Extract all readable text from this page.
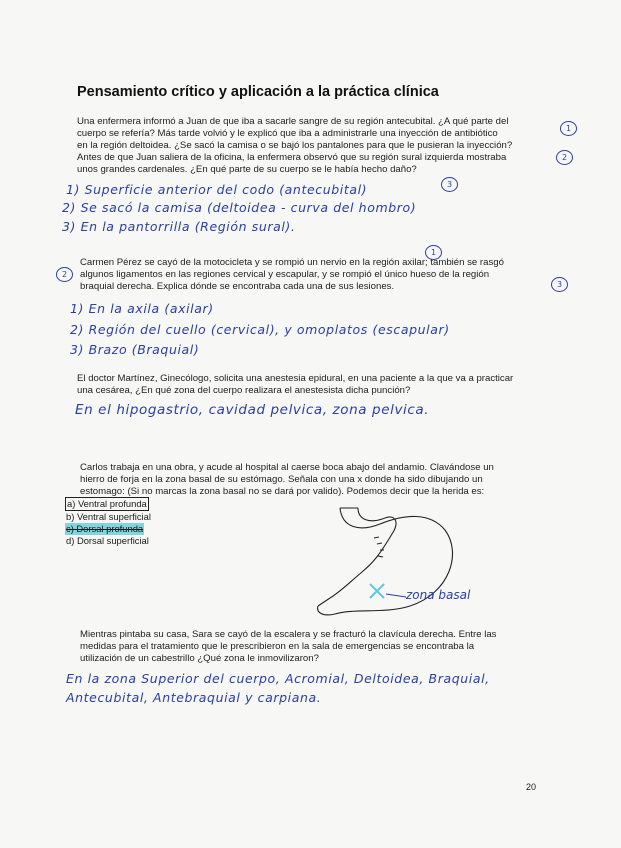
Pensamiento crítico y aplicación a la práctica clínica
Una enfermera informó a Juan de que iba a sacarle sangre de su región antecubital. ¿A qué parte del
cuerpo se refería? Más tarde volvió y le explicó que iba a administrarle una inyección de antibiótico
en la región deltoidea. ¿Se sacó la camisa o se bajó los pantalones para que le pusieran la inyección?
Antes de que Juan saliera de la oficina, la enfermera observó que su región sural izquierda mostraba
unos grandes cardenales. ¿En qué parte de su cuerpo se le había hecho daño?
1
2
3
1) Superficie anterior del codo (antecubital)
2) Se sacó la camisa (deltoidea - curva del hombro)
3) En la pantorrilla (Región sural).
1
Carmen Pérez se cayó de la motocicleta y se rompió un nervio en la región axilar; también se rasgó
algunos ligamentos en las regiones cervical y escapular, y se rompió el único hueso de la región
braquial derecha. Explica dónde se encontraba cada una de sus lesiones.
2
3
1) En la axila (axilar)
2) Región del cuello (cervical), y omoplatos (escapular)
3) Brazo (Braquial)
El doctor Martínez, Ginecólogo, solicita una anestesia epidural, en una paciente a la que va a practicar
una cesárea, ¿En qué zona del cuerpo realizara el anestesista dicha punción?
En el hipogastrio, cavidad pelvica, zona pelvica.
Carlos trabaja en una obra, y acude al hospital al caerse boca abajo del andamio. Clavándose un
hierro de forja en la zona basal de su estómago. Señala con una x donde ha sido dibujando un
estomago: (Si no marcas la zona basal no se dará por valido). Podemos decir que la herida es:
a) Ventral profunda

b) Ventral superficial
c) Dorsal profunda

d) Dorsal superficial
zona basal
Mientras pintaba su casa, Sara se cayó de la escalera y se fracturó la clavícula derecha. Entre las
medidas para el tratamiento que le prescribieron en la sala de emergencias se encontraba la
utilización de un cabestrillo ¿Qué zona le inmovilizaron?
En la zona Superior del cuerpo, Acromial, Deltoidea, Braquial,
Antecubital, Antebraquial y carpiana.
20
